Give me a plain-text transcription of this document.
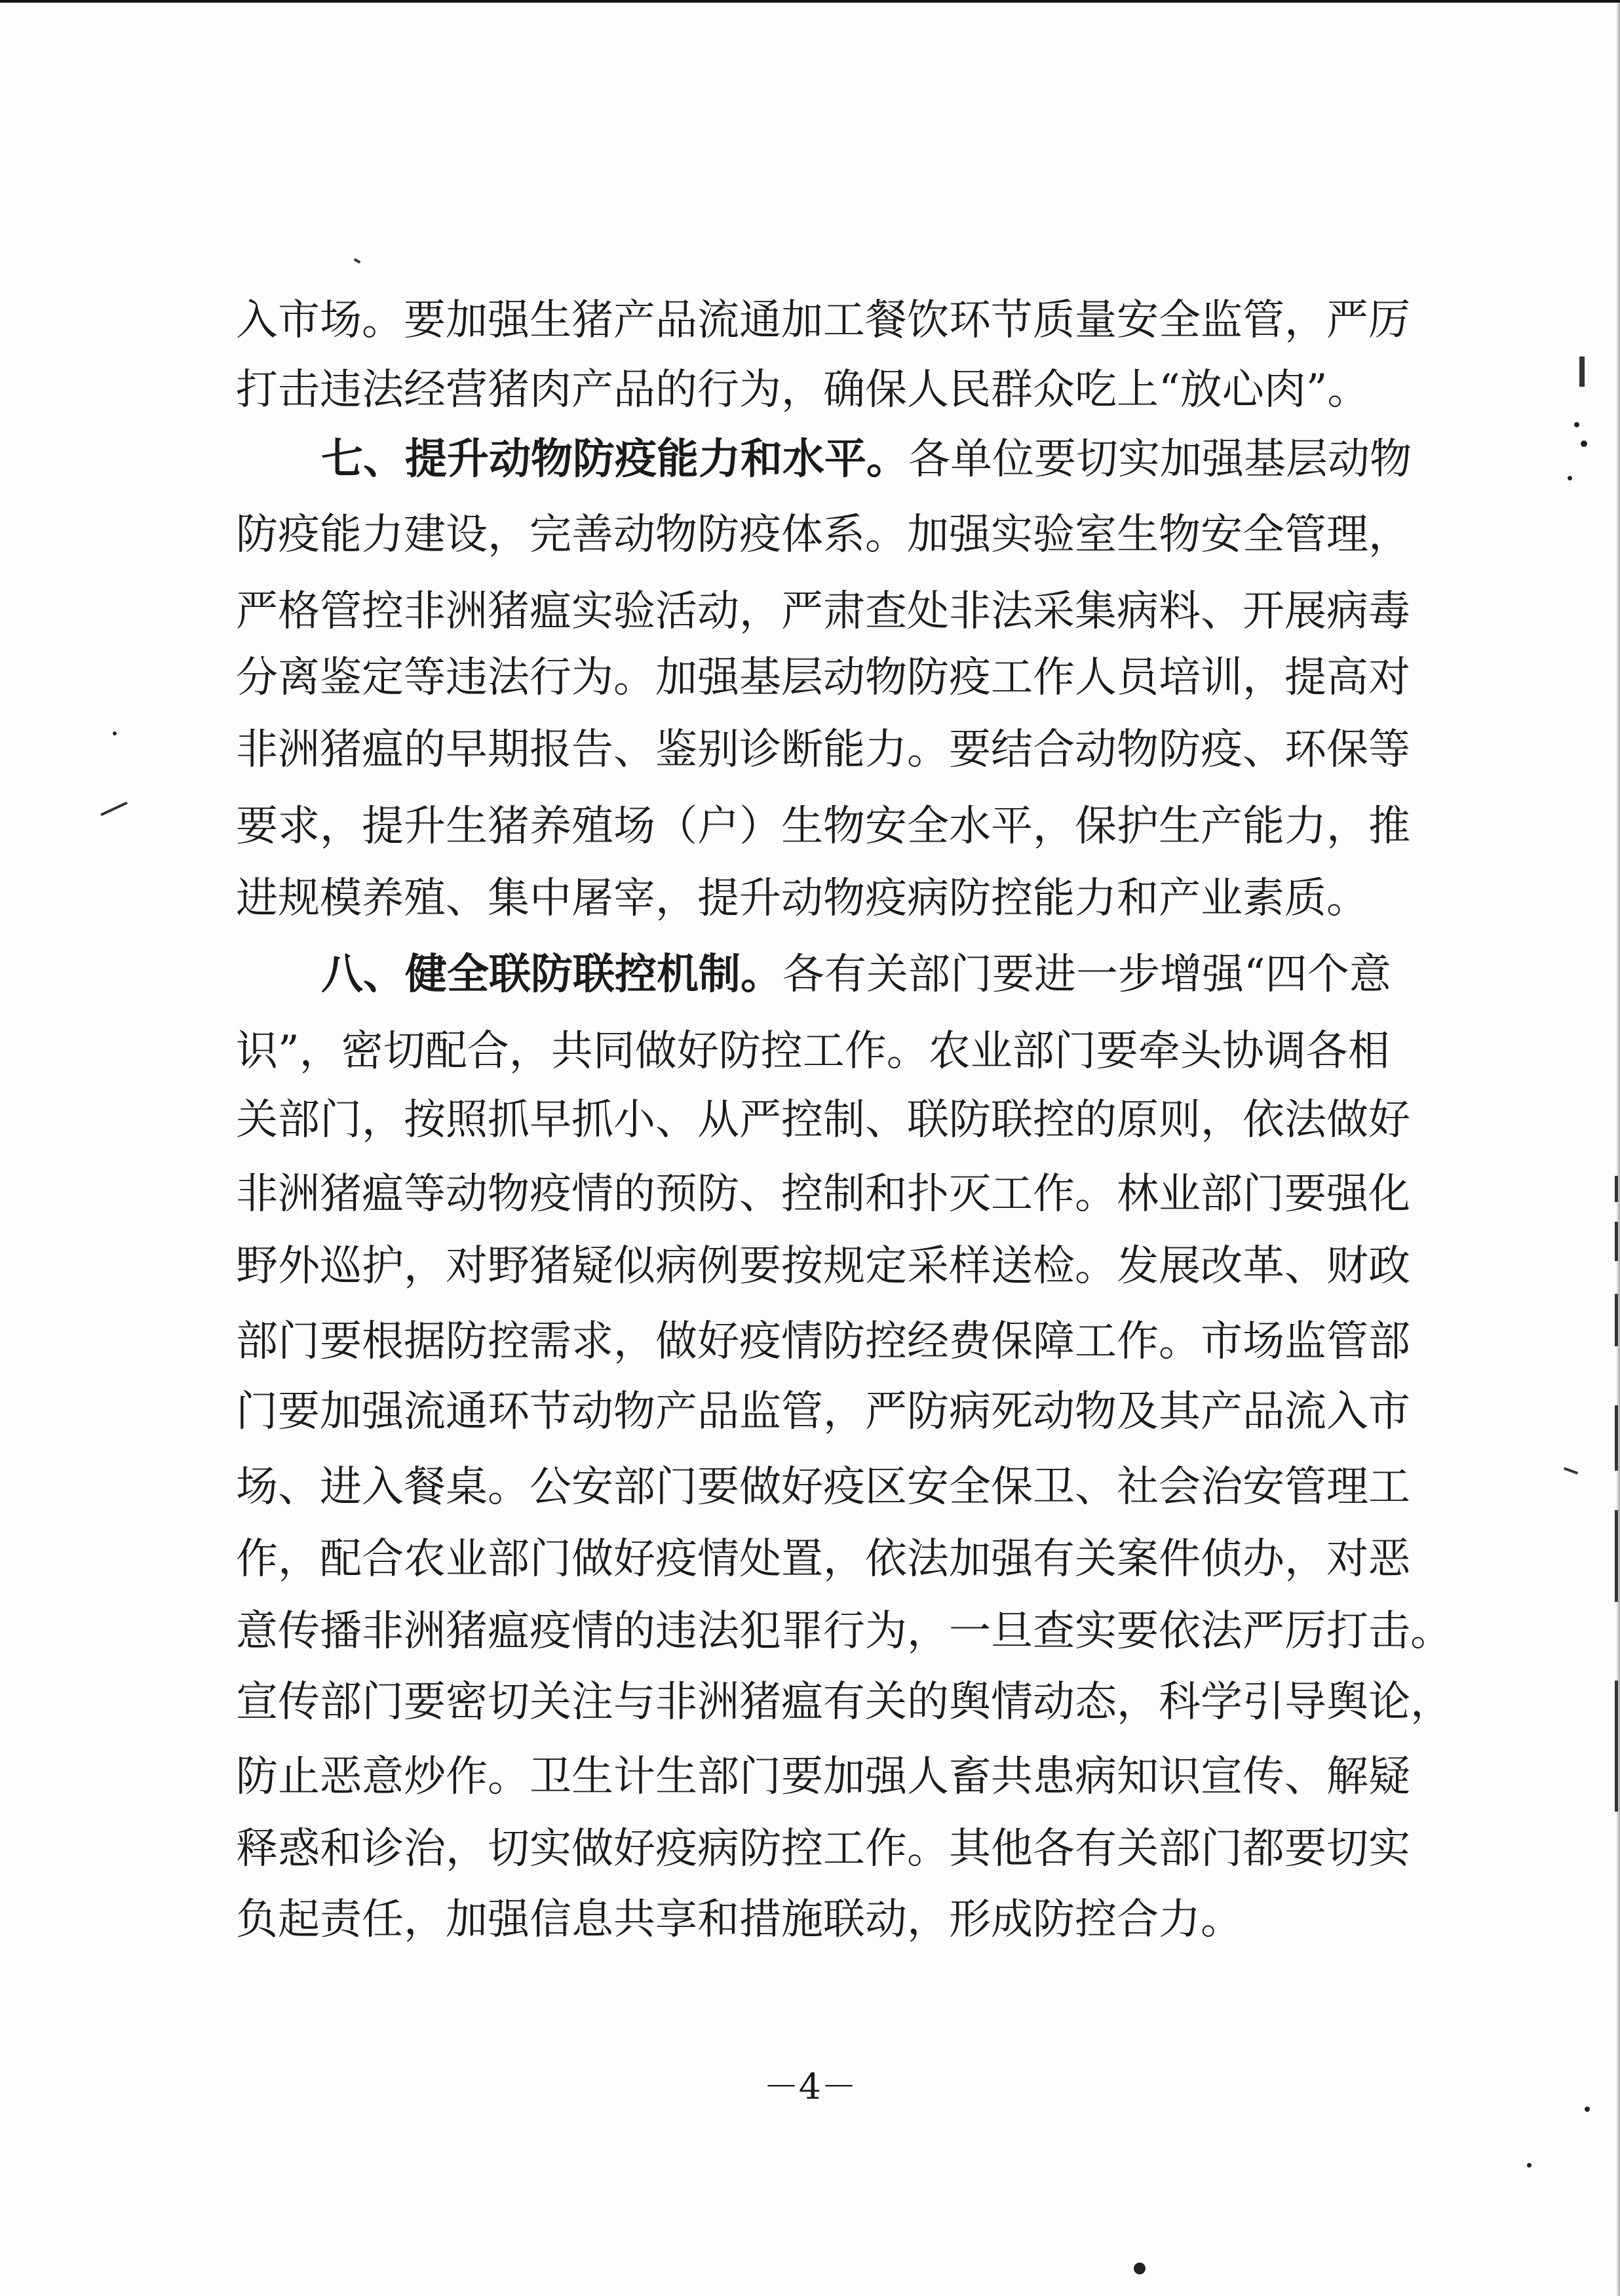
入市场。要加强生猪产品流通加工餐饮环节质量安全监管，严厉
打击违法经营猪肉产品的行为，确保人民群众吃上“放心肉”。
七、提升动物防疫能力和水平。各单位要切实加强基层动物
防疫能力建设，完善动物防疫体系。加强实验室生物安全管理，
严格管控非洲猪瘟实验活动，严肃查处非法采集病料、开展病毒
分离鉴定等违法行为。加强基层动物防疫工作人员培训，提高对
非洲猪瘟的早期报告、鉴别诊断能力。要结合动物防疫、环保等
要求，提升生猪养殖场（户）生物安全水平，保护生产能力，推
进规模养殖、集中屠宰，提升动物疫病防控能力和产业素质。
八、健全联防联控机制。各有关部门要进一步增强“四个意
识”，密切配合，共同做好防控工作。农业部门要牵头协调各相
关部门，按照抓早抓小、从严控制、联防联控的原则，依法做好
非洲猪瘟等动物疫情的预防、控制和扑灭工作。林业部门要强化
野外巡护，对野猪疑似病例要按规定采样送检。发展改革、财政
部门要根据防控需求，做好疫情防控经费保障工作。市场监管部
门要加强流通环节动物产品监管，严防病死动物及其产品流入市
场、进入餐桌。公安部门要做好疫区安全保卫、社会治安管理工
作，配合农业部门做好疫情处置，依法加强有关案件侦办，对恶
意传播非洲猪瘟疫情的违法犯罪行为，一旦查实要依法严厉打击。
宣传部门要密切关注与非洲猪瘟有关的舆情动态，科学引导舆论，
防止恶意炒作。卫生计生部门要加强人畜共患病知识宣传、解疑
释惑和诊治，切实做好疫病防控工作。其他各有关部门都要切实
负起责任，加强信息共享和措施联动，形成防控合力。
－4－
